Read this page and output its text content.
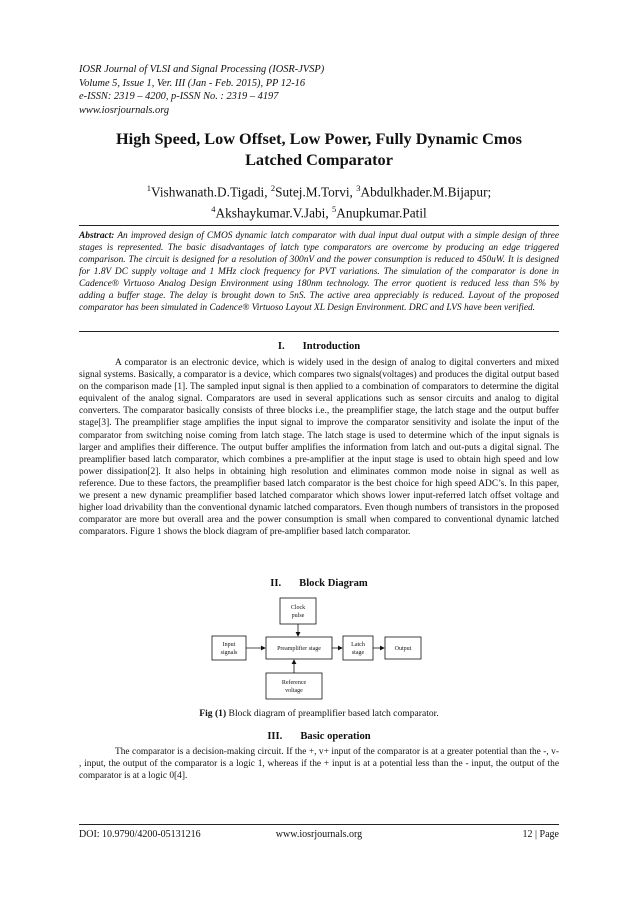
IOSR Journal of VLSI and Signal Processing (IOSR-JVSP)
Volume 5, Issue 1, Ver. III (Jan - Feb. 2015), PP 12-16
e-ISSN: 2319 – 4200, p-ISSN No. : 2319 – 4197
www.iosrjournals.org
High Speed, Low Offset, Low Power, Fully Dynamic Cmos
Latched Comparator
$^1$Vishwanath.D.Tigadi, $^2$Sutej.M.Torvi, $^3$Abdulkhader.M.Bijapur;
$^4$Akshaykumar.V.Jabi, $^5$Anupkumar.Patil
Abstract: An improved design of CMOS dynamic latch comparator with dual input dual output with a simple design of three stages is represented. The basic disadvantages of latch type comparators are overcome by producing an edge triggered comparison. The circuit is designed for a resolution of 300nV and the power consumption is reduced to 450uW. It is designed for 1.8V DC supply voltage and 1 MHz clock frequency for PVT variations. The simulation of the comparator is done in Cadence® Virtuoso Analog Design Environment using 180nm technology. The error quotient is reduced less than 5% by adding a buffer stage. The delay is brought down to 5nS. The active area appreciably is reduced. Layout of the proposed comparator has been simulated in Cadence® Virtuoso Layout XL Design Environment. DRC and LVS have been verified.
I. Introduction
A comparator is an electronic device, which is widely used in the design of analog to digital converters and mixed signal systems. Basically, a comparator is a device, which compares two signals(voltages) and produces the digital output based on the comparison made [1]. The sampled input signal is then applied to a combination of comparators to determine the digital equivalent of the analog signal. Comparators are used in several applications such as sensor circuits and analog to digital converters. The comparator basically consists of three blocks i.e., the preamplifier stage, the latch stage and the output buffer stage[3]. The preamplifier stage amplifies the input signal to improve the comparator sensitivity and isolate the input of the comparator from switching noise coming from latch stage. The latch stage is used to determine which of the input signals is larger and amplifies their difference. The output buffer amplifies the information from latch and out-puts a digital signal. The preamplifier based latch comparator, which combines a pre-amplifier at the input stage is used to obtain high speed and low power dissipation[2]. It also helps in obtaining high resolution and eliminates common mode noise in signal as well as reference. Due to these factors, the preamplifier based latch comparator is the best choice for high speed ADC’s. In this paper, we present a new dynamic preamplifier based latched comparator which shows lower input-referred latch offset voltage and higher load drivability than the conventional dynamic latched comparators. Even though numbers of transistors in the proposed comparator are more but overall area and the power consumption is small when compared to conventional dynamic latched comparators. Figure 1 shows the block diagram of pre-amplifier based latch comparator.
II. Block Diagram
Clock
pulse
Input
signals
Preamplifier stage
Latch
stage
Output
Reference
voltage
Fig (1) Block diagram of preamplifier based latch comparator.
III. Basic operation
The comparator is a decision-making circuit. If the +, v+ input of the comparator is at a greater potential than the -, v- , input, the output of the comparator is a logic 1, whereas if the + input is at a potential less than the - input, the output of the comparator is at a logic 0[4].
DOI: 10.9790/4200-05131216	www.iosrjournals.org	12 | Page
